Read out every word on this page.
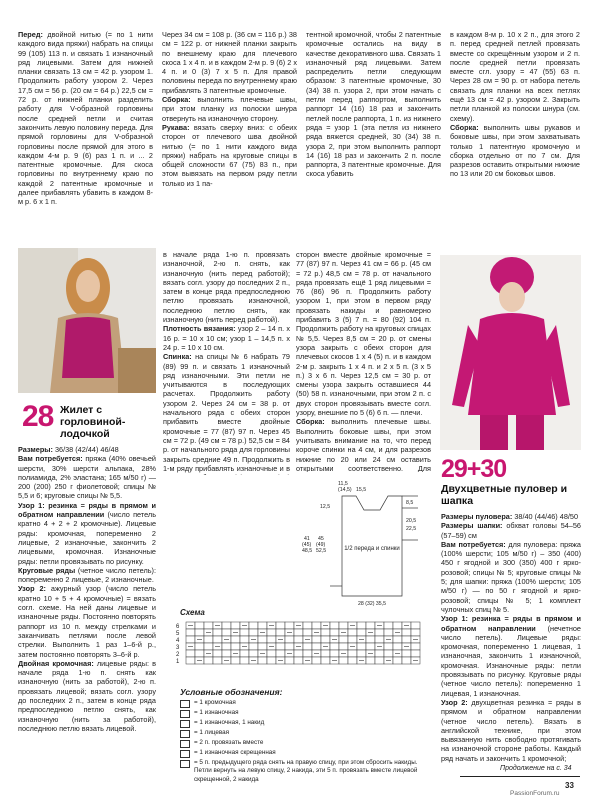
Перед: двойной нитью (= по 1 нити каждого вида пряжи) набрать на спицы 99 (105) 113 п. и связать 1 изнаночный ряд лицевыми. Затем для нижней планки связать 13 см = 42 р. узором 1. Продолжить работу узором 2. Через 17,5 см = 56 р. (20 см = 64 р.) 22,5 см = 72 р. от нижней планки разделить работу для V-образной горловины после средней петли и считая закончить левую половину переда. Для прямой горловины для V-образной горловины после прямой для этого в каждом 4-м р. 9 (6) раз 1 п. и ... 2 патентные кромочные. Для скоса горловины по внутреннему краю по каждой 2 патентные кромочные и далее прибавлять убавить в каждом 8-м р. 6 х 1 п.

Через 34 см = 108 р. (36 см = 116 р.) 38 см = 122 р. от нижней планки закрыть по внешнему краю для плечевого скоса 1 х 4 п. и в каждом 2-м р. 9 (6) 2 х 4 п. и 0 (3) 7 х 5 п. Для правой половины переда по внутреннему краю прибавлять 3 патентные кромочные.

Сборка: выполнить плечевые швы, при этом планку из полоски шнура отвернуть на изнаночную сторону.

Рукава: вязать сверху вниз: с обеих сторон от плечевого шва двойной нитью (= по 1 нити каждого вида пряжи) набрать на круговые спицы в общей сложности 67 (75) 83 п., при этом вывязать на первом ряду петли только из 1 па-

тентной кромочной, чтобы 2 патентные кромочные остались на виду в качестве декоративного шва. Связать 1 изнаночный ряд лицевыми. Затем распределить петли следующим образом: 3 патентные кромочные, 30 (34) 38 п. узора 2, при этом начать с петли перед раппортом, выполнить раппорт 14 (16) 18 раз и закончить петлей после раппорта, 1 п. из нижнего ряда = узор 1 (эта петля из нижнего ряда вяжется средней, 30 (34) 38 п. узора 2, при этом выполнить раппорт 14 (16) 18 раз и закончить 2 п. после раппорта, 3 патентные кромочные. Для скоса убавить

в каждом 8-м р. 10 х 2 п., для этого 2 п. перед средней петлей провязать вместе со скрещённым узором и 2 п. после средней петли провязать вместе сгл. узору = 47 (55) 63 п. Через 28 см = 90 р. от набора петель связать для планки на всех петлях ещё 13 см = 42 р. узором 2. Закрыть петли планкой из полоски шнура (см. схему).

Сборка: выполнить швы рукавов и боковые швы, при этом захватывать только 1 патентную кромочную и сборка отдельно от по 7 см. Для разрезов оставить открытыми нижние по 13 или 20 см боковых швов.

28 Жилет с горловиной-лодочкой

Размеры: 36/38 (42/44) 46/48

Вам потребуется: пряжа (40% овечьей шерсти, 30% шерсти альпака, 28% полиамида, 2% эластана; 165 м/50 г) — 200 (200) 250 г фиолетовой; спицы № 5,5 и 6; круговые спицы № 5,5.

Узор 1: резинка = ряды в прямом и обратном направлении (число петель кратно 4 + 2 + 2 кромочные). Лицевые ряды: кромочная, попеременно 2 лицевые, 2 изнаночные, закончить 2 лицевыми, кромочная. Изнаночные ряды: петли провязывать по рисунку.

Круговые ряды (четное число петель): попеременно 2 лицевые, 2 изнаночные.

Узор 2: ажурный узор (число петель кратно 10 + 5 + 4 кромочные) = вязать согл. схеме. На ней даны лицевые и изнаночные ряды. Постоянно повторять раппорт из 10 п. между стрелками и заканчивать петлями после левой стрелки. Выполнить 1 раз 1–6-й р., затем постоянно повторять 3–6-й р.

Двойная кромочная: лицевые ряды: в начале ряда 1-ю п. снять как изнаночную (нить за работой), 2-ю п. провязать лицевой; вязать согл. узору до последних 2 п., затем в конце ряда предпоследнюю петлю снять, как изнаночную (нить за работой), последнюю петлю вязать лицевой.

в начале ряда 1-ю п. провязать изнаночной, 2-ю п. снять, как изнаночную (нить перед работой); вязать согл. узору до последних 2 п., затем в конце ряда предпоследнюю петлю провязать изнаночной, последнюю петлю снять, как изнаночную (нить перед работой).

Плотность вязания: узор 2 – 14 п. x 16 р. = 10 x 10 см; узор 1 – 14,5 п. x 24 р. = 10 x 10 см.

Спинка: на спицы № 6 набрать 79 (89) 99 п. и связать 1 изнаночный ряд изнаночными. Эти петли не учитываются в последующих расчетах. Продолжить работу узором 2. Через 24 см = 38 р. от начального ряда с обеих сторон прибавить вместе двойные кромочные = 77 (87) 97 п. Через 45 см = 72 р. (49 см = 78 р.) 52,5 см = 84 р. от начального ряда для горловины закрыть средние 49 п. Продолжить в 1-м ряду прибавлять изнаночные и в

сторон вместе двойные кромочные = 77 (87) 97 п. Через 41 см = 66 р. (45 см = 72 р.) 48,5 см = 78 р. от начального ряда провязать ещё 1 ряд лицевыми = 76 (86) 96 п. Продолжить работу узором 1, при этом в первом ряду провязать накиды и равномерно прибавить 3 (5) 7 п. = 80 (92) 104 п. Продолжить работу на круговых спицах № 5,5. Через 8,5 см = 20 р. от смены узора закрыть с обеих сторон для плечевых скосов 1 х 4 (5) п. и в каждом 2-м р. закрыть 1 х 4 п. и 2 х 5 п. (3 х 5 п.) 3 х 6 п. Через 12,5 см = 30 р. от смены узора закрыть оставшиеся 44 (50) 58 п. изнаночными, при этом 2 п. с двух сторон провязывать вместе согл. узору, внешние по 5 (6) 6 п. — плечи.

Сборка: выполнить плечевые швы. Выполнить боковые швы, при этом учитывать внимание на то, что перед короче спинки на 4 см, и для разрезов нижние по 20 или 24 см оставить открытыми соответственно. Для 29+30
Двухцветные пуловер и шапка

Размеры пуловера: 38/40 (44/46) 48/50

Размеры шапки: обхват головы 54–56 (57–59) см

Вам потребуется: для пуловера: пряжа (100% шерсти; 105 м/50 г) – 350 (400) 450 г ягодной и 300 (350) 400 г ярко-розовой; спицы № 5; круговые спицы № 5; для шапки: пряжа (100% шерсти; 105 м/50 г) — по 50 г ягодной и ярко-розовой; спицы № 5; 1 комплект чулочных спиц № 5.

Узор 1: резинка = ряды в прямом и обратном направлении (нечетное число петель). Лицевые ряды: кромочная, попеременно 1 лицевая, 1 изнаночная, закончить 1 изнаночной, кромочная. Изнаночные ряды: петли провязывать по рисунку. Круговые ряды (четное число петель): попеременно 1 лицевая, 1 изнаночная.

Узор 2: двухцветная резинка = ряды в прямом и обратном направлении (четное число петель). Вязать в английской технике, при этом вывязанную нить свободно протягивать на изнаночной стороне работы. Каждый ряд начать и закончить 1 кромочной;

1/2 переда и спинки
11,5
(14,5) 15,5
12,5
41
(45)
48,5
45
(49)
52,5
8,5
20,5
22,5
28 (32) 35,5
Схема
6
5
4
3
2
1
Условные обозначения:
= 1 кромочная
= 1 изнаночная
= 1 изнаночная, 1 накид
= 1 лицевая
= 2 п. провязать вместе
= 1 изнаночная скрещенная
= 5 п. предыдущего ряда снять на правую спицу, при этом сбросить накиды. Петли вернуть на левую спицу, 2 накида, эти 5 п. провязать вместе лицевой скрещенной, 2 накида
Продолжение на с. 34
33
PassionForum.ru
